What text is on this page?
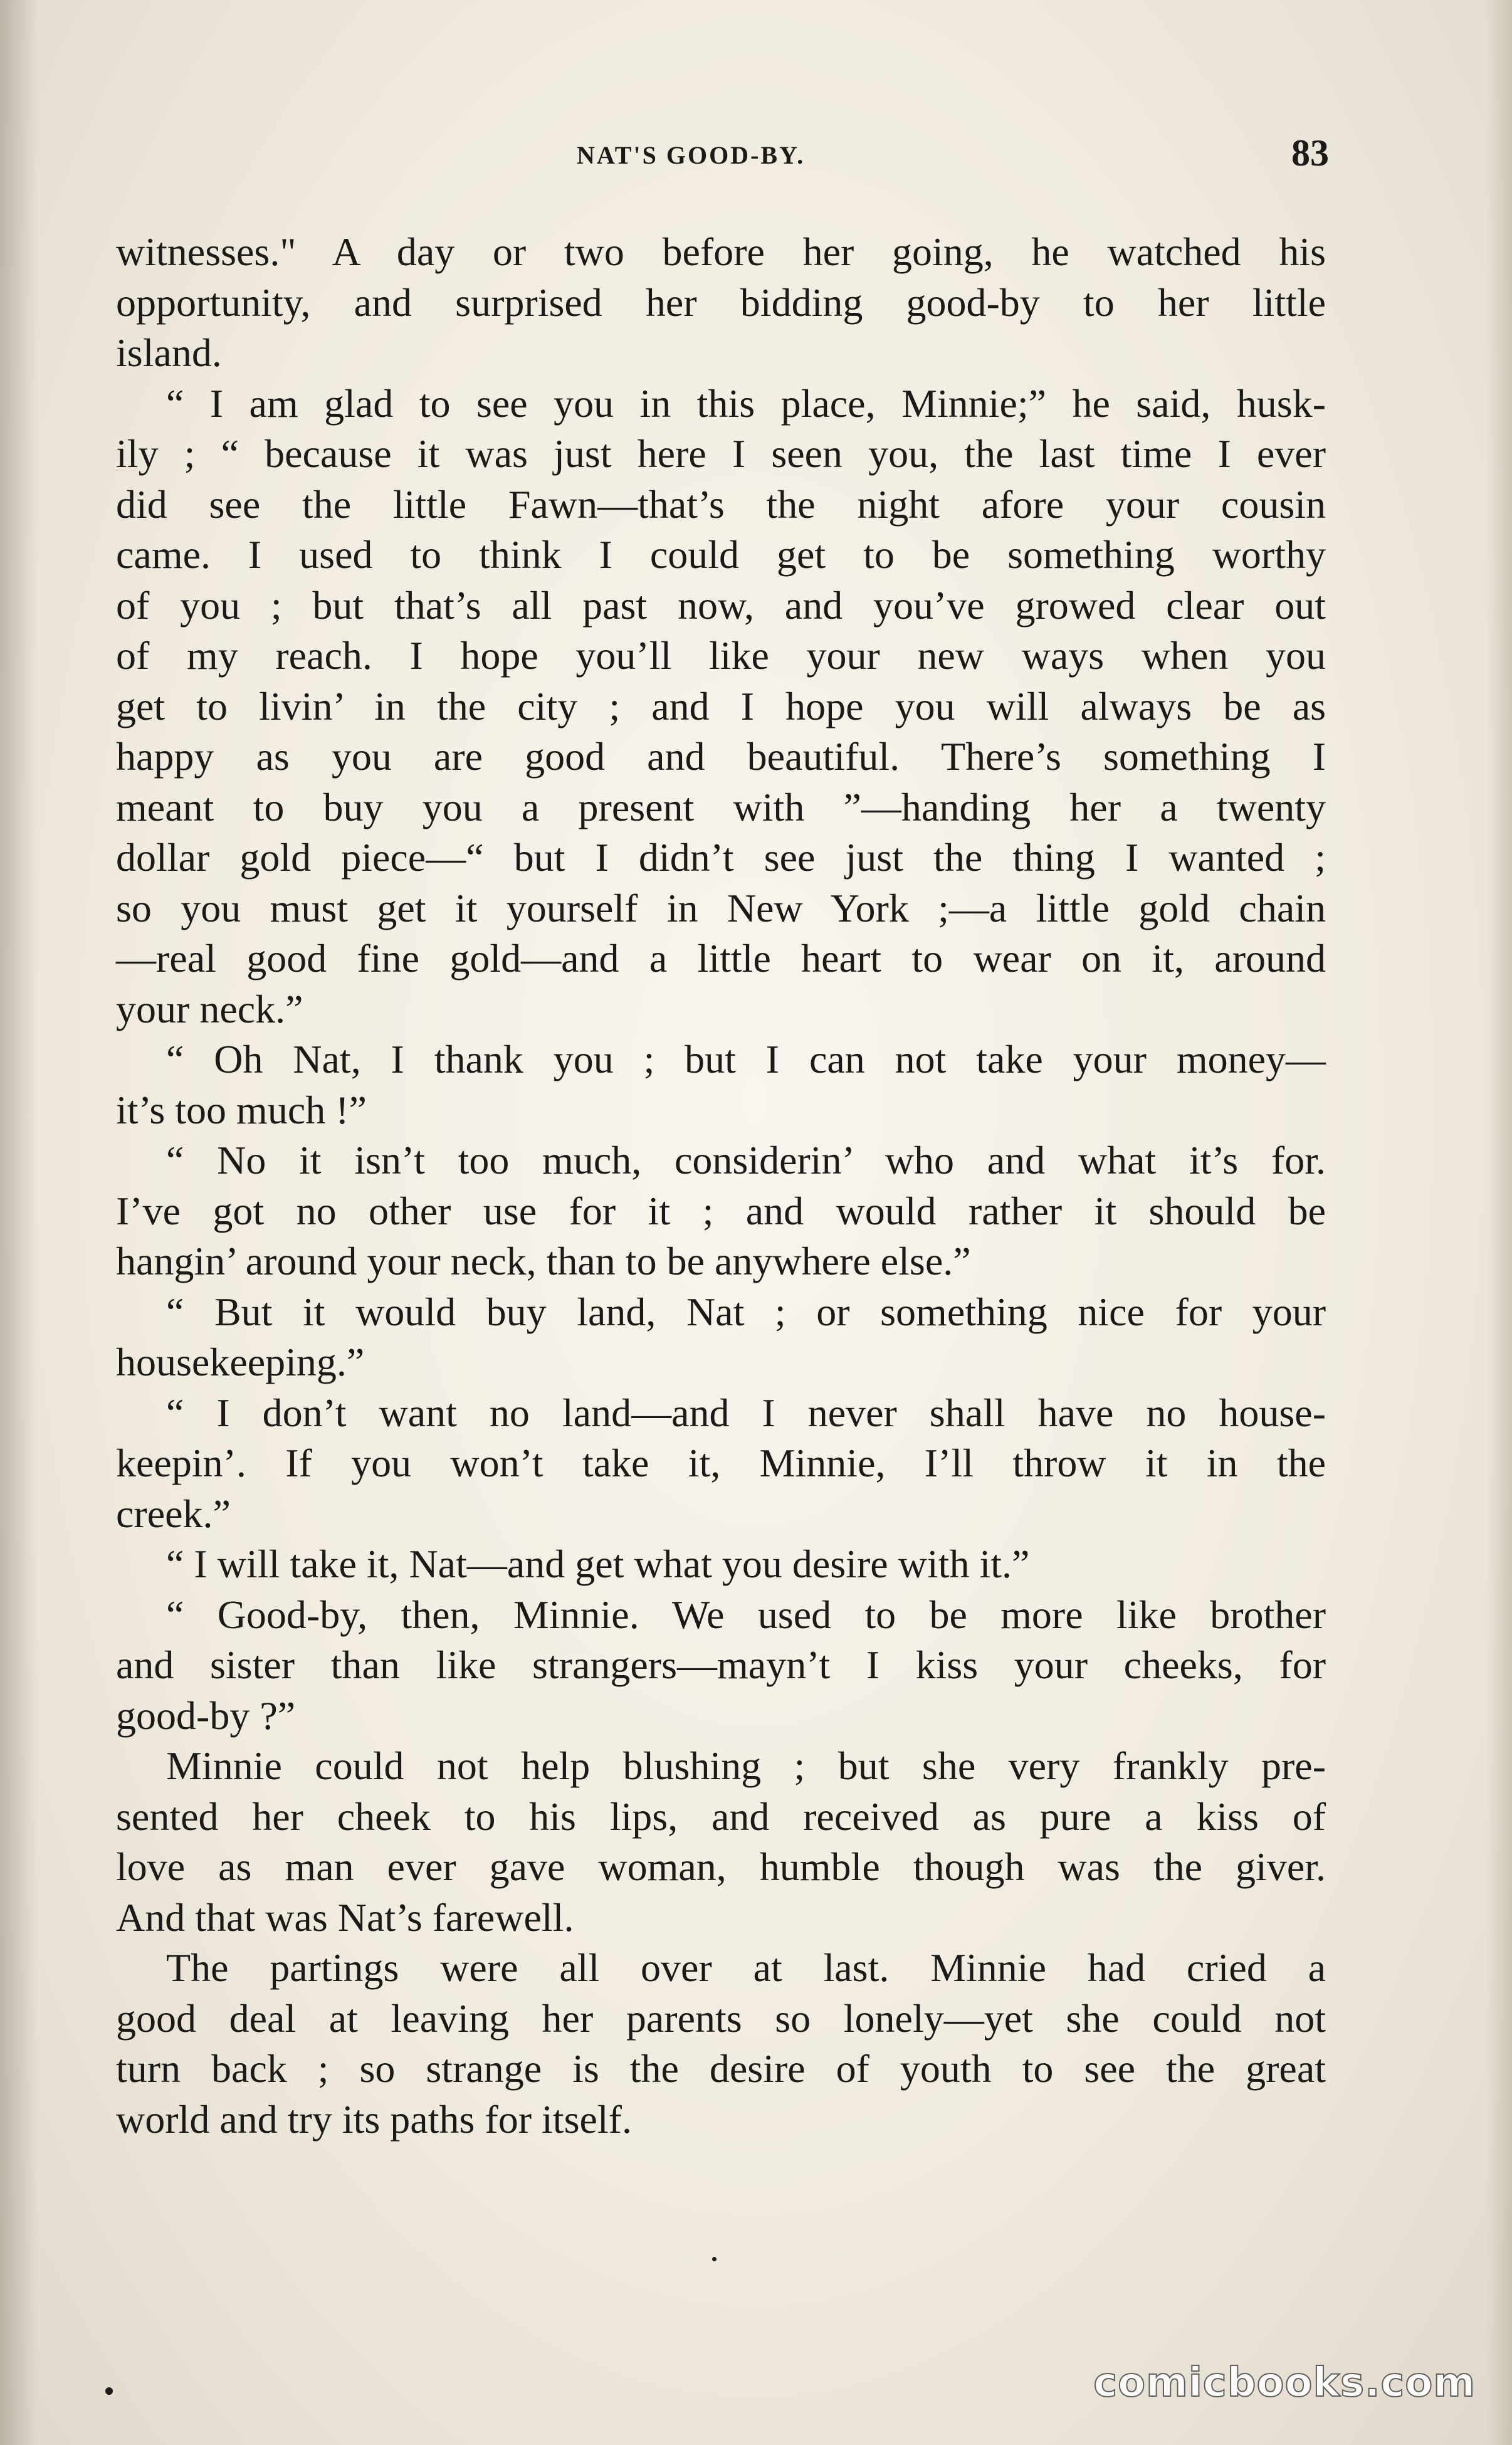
NAT'S GOOD-BY.	83
witnesses." A day or two before her going, he watched his
opportunity, and surprised her bidding good-by to her little
island.
“ I am glad to see you in this place, Minnie;” he said, husk-
ily ; “ because it was just here I seen you, the last time I ever
did see the little Fawn—that’s the night afore your cousin
came. I used to think I could get to be something worthy
of you ; but that’s all past now, and you’ve growed clear out
of my reach. I hope you’ll like your new ways when you
get to livin’ in the city ; and I hope you will always be as
happy as you are good and beautiful. There’s something I
meant to buy you a present with ”—handing her a twenty
dollar gold piece—“ but I didn’t see just the thing I wanted ;
so you must get it yourself in New York ;—a little gold chain
—real good fine gold—and a little heart to wear on it, around
your neck.”
“ Oh Nat, I thank you ; but I can not take your money—
it’s too much !”
“ No it isn’t too much, considerin’ who and what it’s for.
I’ve got no other use for it ; and would rather it should be
hangin’ around your neck, than to be anywhere else.”
“ But it would buy land, Nat ; or something nice for your
housekeeping.”
“ I don’t want no land—and I never shall have no house-
keepin’. If you won’t take it, Minnie, I’ll throw it in the
creek.”
“ I will take it, Nat—and get what you desire with it.”
“ Good-by, then, Minnie. We used to be more like brother
and sister than like strangers—mayn’t I kiss your cheeks, for
good-by ?”
Minnie could not help blushing ; but she very frankly pre-
sented her cheek to his lips, and received as pure a kiss of
love as man ever gave woman, humble though was the giver.
And that was Nat’s farewell.
The partings were all over at last. Minnie had cried a
good deal at leaving her parents so lonely—yet she could not
turn back ; so strange is the desire of youth to see the great
world and try its paths for itself.
comicbooks.com
